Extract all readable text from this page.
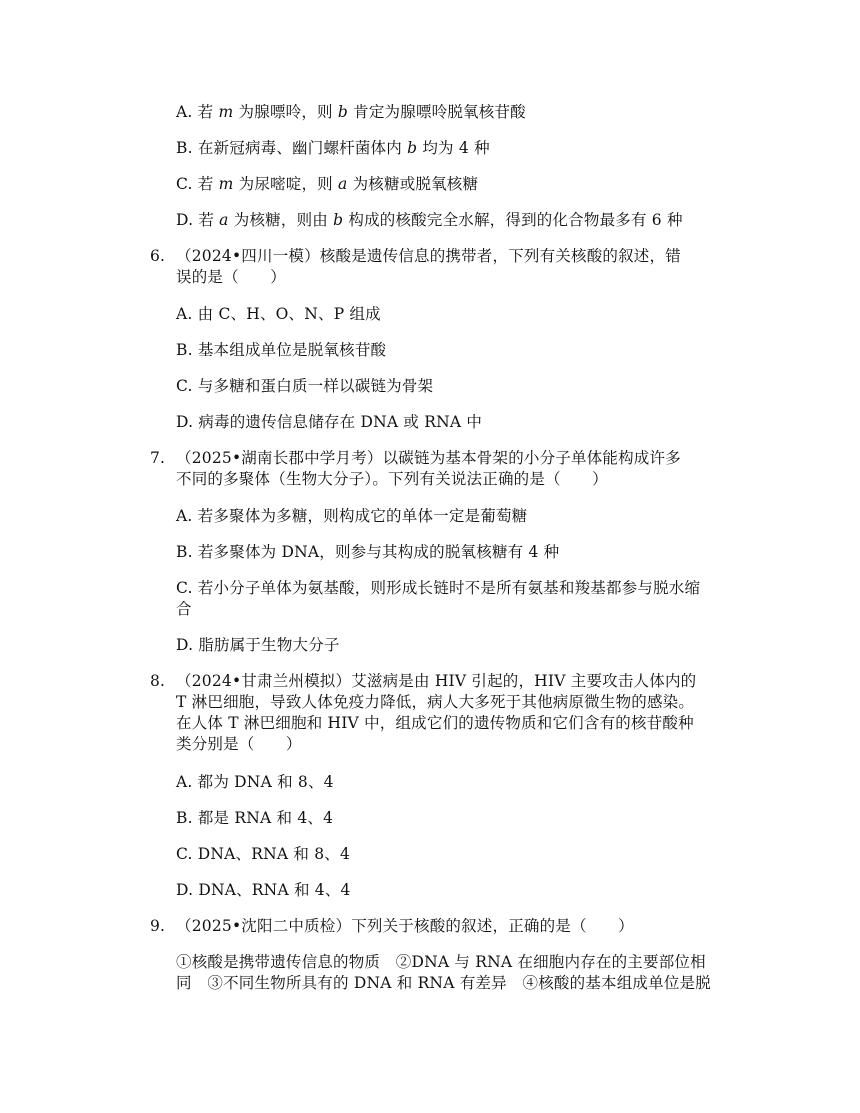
A. 若 m 为腺嘌呤，则 b 肯定为腺嘌呤脱氧核苷酸
B. 在新冠病毒、幽门螺杆菌体内 b 均为 4 种
C. 若 m 为尿嘧啶，则 a 为核糖或脱氧核糖
D. 若 a 为核糖，则由 b 构成的核酸完全水解，得到的化合物最多有 6 种
6. （2024•四川一模）核酸是遗传信息的携带者，下列有关核酸的叙述，错
误的是（　　）
A. 由 C、H、O、N、P 组成
B. 基本组成单位是脱氧核苷酸
C. 与多糖和蛋白质一样以碳链为骨架
D. 病毒的遗传信息储存在 DNA 或 RNA 中
7. （2025•湖南长郡中学月考）以碳链为基本骨架的小分子单体能构成许多
不同的多聚体（生物大分子）。下列有关说法正确的是（　　）
A. 若多聚体为多糖，则构成它的单体一定是葡萄糖
B. 若多聚体为 DNA，则参与其构成的脱氧核糖有 4 种
C. 若小分子单体为氨基酸，则形成长链时不是所有氨基和羧基都参与脱水缩
合
D. 脂肪属于生物大分子
8. （2024•甘肃兰州模拟）艾滋病是由 HIV 引起的，HIV 主要攻击人体内的
T 淋巴细胞，导致人体免疫力降低，病人大多死于其他病原微生物的感染。
在人体 T 淋巴细胞和 HIV 中，组成它们的遗传物质和它们含有的核苷酸种
类分别是（　　）
A. 都为 DNA 和 8、4
B. 都是 RNA 和 4、4
C. DNA、RNA 和 8、4
D. DNA、RNA 和 4、4
9. （2025•沈阳二中质检）下列关于核酸的叙述，正确的是（　　）
①核酸是携带遗传信息的物质　②DNA 与 RNA 在细胞内存在的主要部位相
同　③不同生物所具有的 DNA 和 RNA 有差异　④核酸的基本组成单位是脱
